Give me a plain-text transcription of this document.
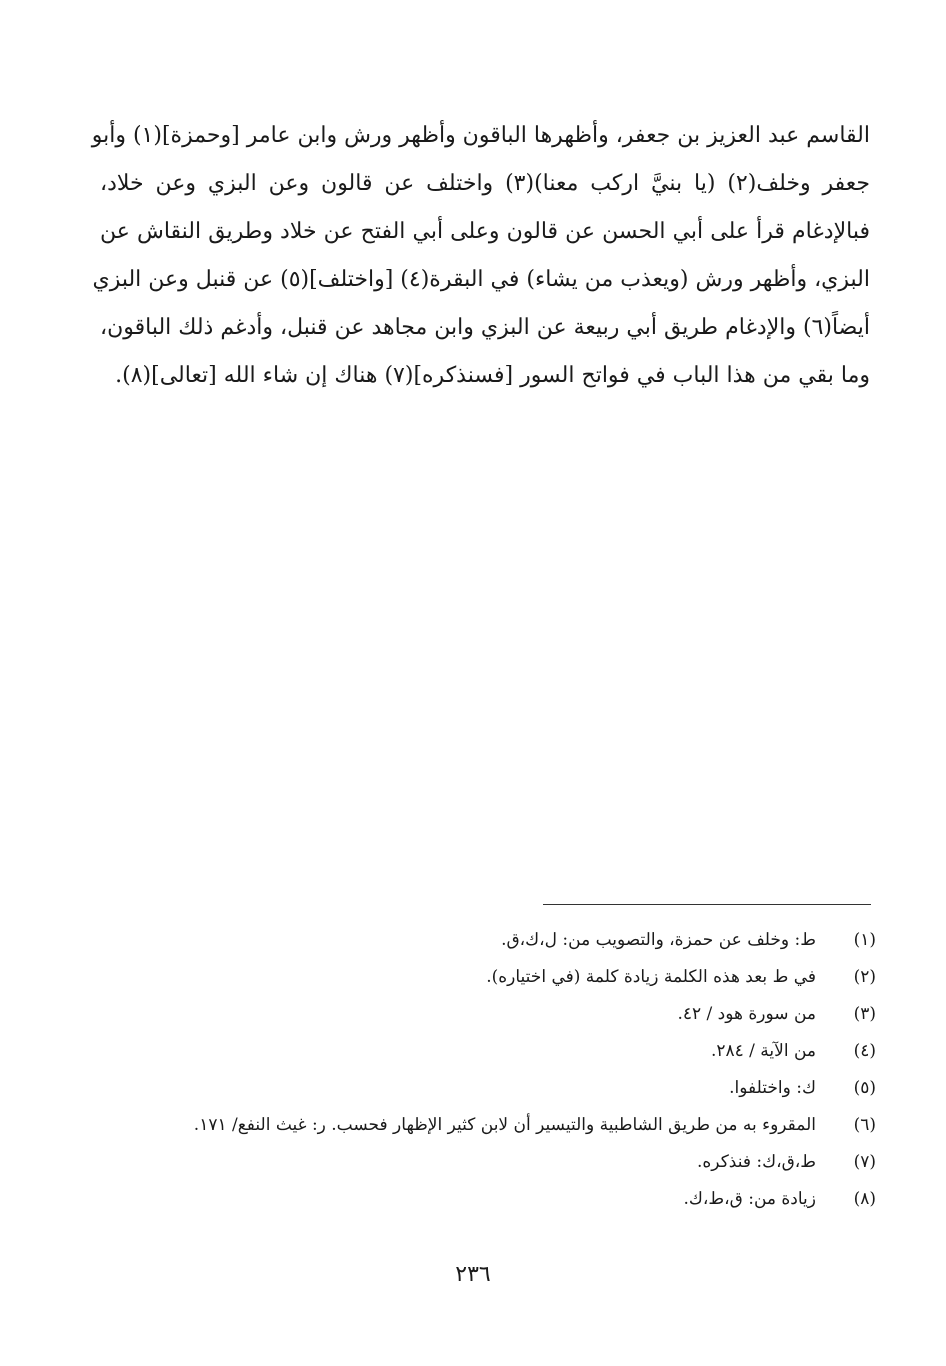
القاسم عبد العزيز بن جعفر، وأظهرها الباقون وأظهر ورش وابن عامر [وحمزة](١) وأبو
جعفر وخلف(٢) (يا بنيَّ اركب معنا)(٣) واختلف عن قالون وعن البزي وعن خلاد،
فبالإدغام قرأ على أبي الحسن عن قالون وعلى أبي الفتح عن خلاد وطريق النقاش عن
البزي، وأظهر ورش (ويعذب من يشاء) في البقرة(٤) [واختلف](٥) عن قنبل وعن البزي
أيضاً(٦) والإدغام طريق أبي ربيعة عن البزي وابن مجاهد عن قنبل، وأدغم ذلك الباقون،
وما بقي من هذا الباب في فواتح السور [فسنذكره](٧) هناك إن شاء الله [تعالى](٨).
(١)
ط: وخلف عن حمزة، والتصويب من: ل،ك،ق.
(٢)
في ط بعد هذه الكلمة زيادة كلمة (في اختياره).
(٣)
من سورة هود / ٤٢.
(٤)
من الآية / ٢٨٤.
(٥)
ك: واختلفوا.
(٦)
المقروء به من طريق الشاطبية والتيسير أن لابن كثير الإظهار فحسب. ر: غيث النفع/ ١٧١.
(٧)
ط،ق،ك: فنذكره.
(٨)
زيادة من: ق،ط،ك.
٢٣٦
